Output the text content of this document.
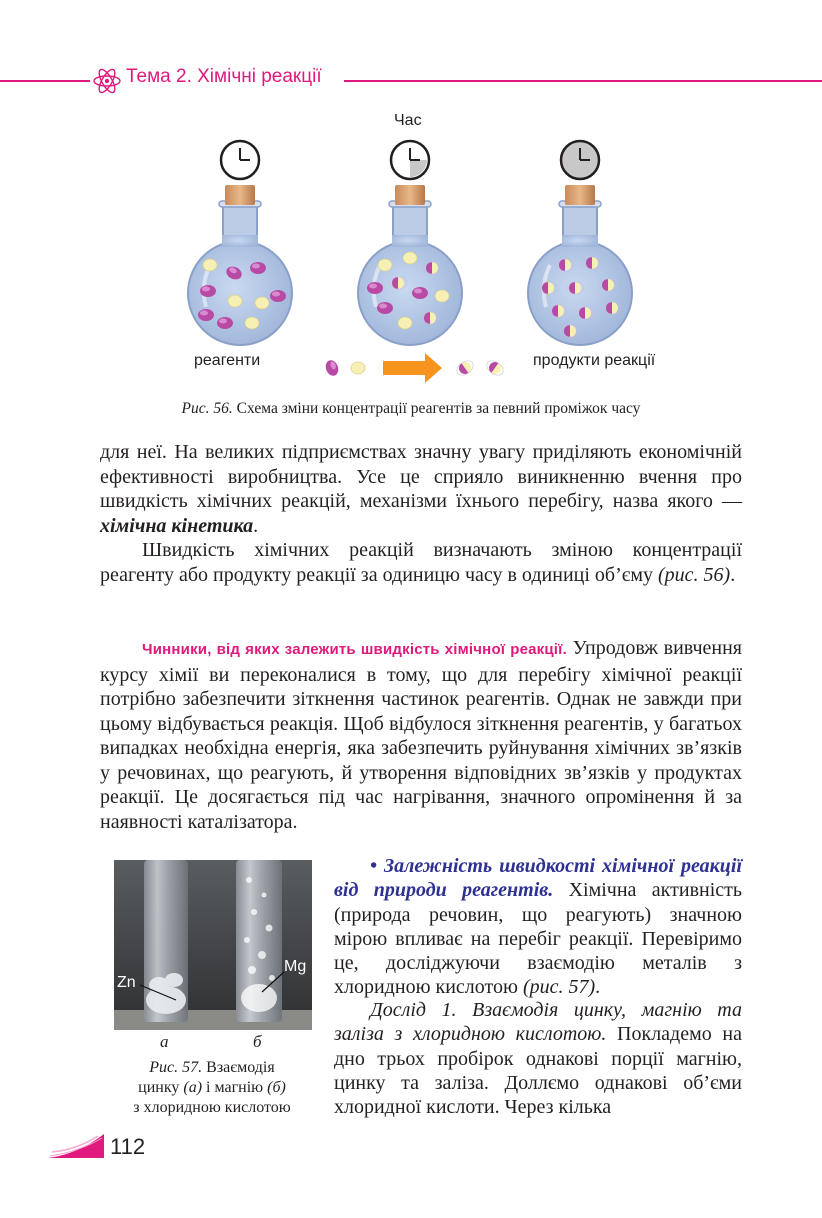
Тема 2. Хімічні реакції
Час
реагенти	продукти реакції
Рис. 56. Схема зміни концентрації реагентів за певний проміжок часу

для неї. На великих підприємствах значну увагу приділяють економічній ефективності виробництва. Усе це сприяло виникненню вчення про швидкість хімічних реакцій, механізми їхнього перебігу, назва якого — хімічна кінетика.

Швидкість хімічних реакцій визначають зміною концентрації реагенту або продукту реакції за одиницю часу в одиниці об’єму (рис. 56).

Чинники, від яких залежить швидкість хімічної реакції. Упродовж вивчення курсу хімії ви переконалися в тому, що для перебігу хімічної реакції потрібно забезпечити зіткнення частинок реагентів. Однак не завжди при цьому відбувається реакція. Щоб відбулося зіткнення реагентів, у багатьох випадках необхідна енергія, яка забезпечить руйнування хімічних зв’язків у речовинах, що реагують, й утворення відповідних зв’язків у продуктах реакції. Це досягається під час нагрівання, значного опромінення й за наявності каталізатора.

Zn
Mg
а	б
Рис. 57. Взаємодія
цинку (а) і магнію (б)
з хлоридною кислотою

• Залежність швидкості хімічної реакції від природи реагентів. Хімічна активність (природа речовин, що реагують) значною мірою впливає на перебіг реакції. Перевіримо це, досліджуючи взаємодію металів з хлоридною кислотою (рис. 57).

Дослід 1. Взаємодія цинку, магнію та заліза з хлоридною кислотою. Покладемо на дно трьох пробірок однакові порції магнію, цинку та заліза. Доллємо однакові об’єми хлоридної кислоти. Через кілька

112
